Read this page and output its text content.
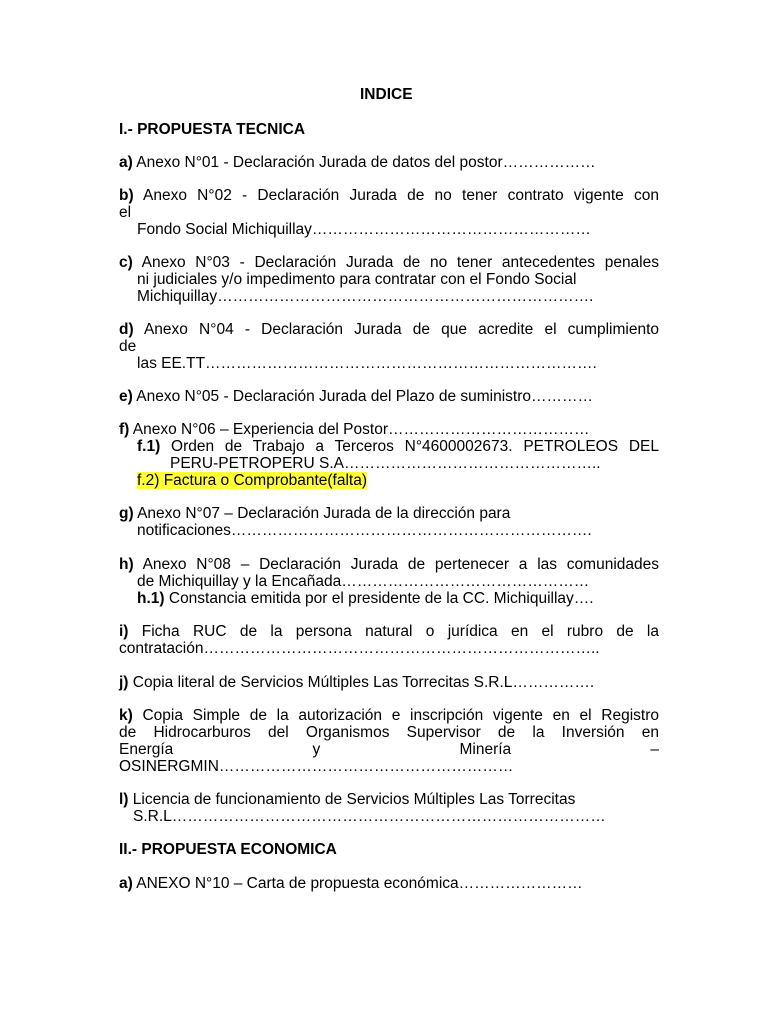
INDICE
I.- PROPUESTA TECNICA
a) Anexo N°01 - Declaración Jurada de datos del postor………………
b) Anexo N°02 - Declaración Jurada de no tener contrato vigente con
el
Fondo Social Michiquillay………………………………………………
c) Anexo N°03 - Declaración Jurada de no tener antecedentes penales
ni judiciales y/o impedimento para contratar con el Fondo Social
Michiquillay……………………………………………………………….
d) Anexo N°04 - Declaración Jurada de que acredite el cumplimiento
de
las EE.TT………………………………………………………………….
e) Anexo N°05 - Declaración Jurada del Plazo de suministro…………
f) Anexo N°06 – Experiencia del Postor…………………………………
f.1) Orden de Trabajo a Terceros N°4600002673. PETROLEOS DEL
PERU-PETROPERU S.A…………………………………………..
f.2) Factura o Comprobante(falta)
g) Anexo N°07 – Declaración Jurada de la dirección para
notificaciones…………………………………………………………….
h) Anexo N°08 – Declaración Jurada de pertenecer a las comunidades
de Michiquillay y la Encañada…………………………………………
h.1) Constancia emitida por el presidente de la CC. Michiquillay….
i) Ficha RUC de la persona natural o jurídica en el rubro de la
contratación…………………………………………………………………..
j) Copia literal de Servicios Múltiples Las Torrecitas S.R.L…………….
k) Copia Simple de la autorización e inscripción vigente en el Registro
de Hidrocarburos del Organismos Supervisor de la Inversión en
Energía y Minería –
OSINERGMIN…………………………………………………
l) Licencia de funcionamiento de Servicios Múltiples Las Torrecitas
S.R.L…………………………………………………………………………
II.- PROPUESTA ECONOMICA
a) ANEXO N°10 – Carta de propuesta económica……………………
